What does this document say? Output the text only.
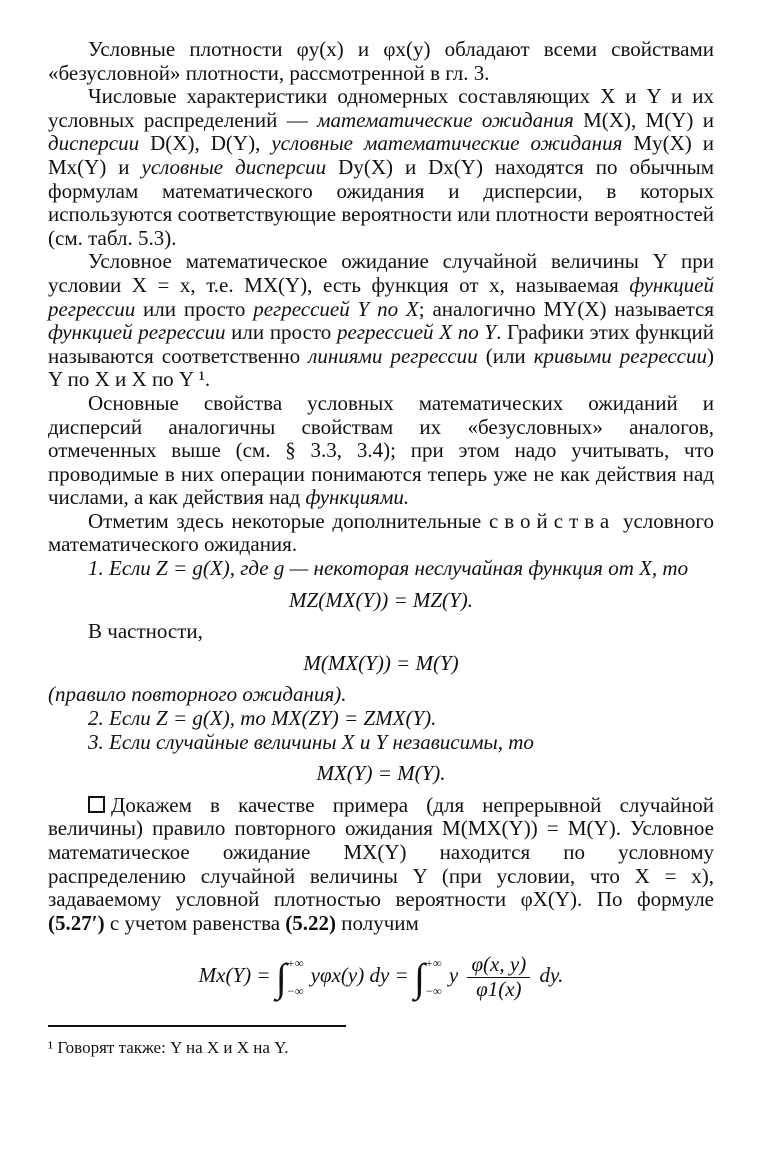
Условные плотности φy(x) и φx(y) обладают всеми свойствами «безусловной» плотности, рассмотренной в гл. 3.

Числовые характеристики одномерных составляющих X и Y и их условных распределений — математические ожидания M(X), M(Y) и дисперсии D(X), D(Y), условные математические ожидания My(X) и Mx(Y) и условные дисперсии Dy(X) и Dx(Y) находятся по обычным формулам математического ожидания и дисперсии, в которых используются соответствующие вероятности или плотности вероятностей (см. табл. 5.3).

Условное математическое ожидание случайной величины Y при условии X = x, т.е. MX(Y), есть функция от x, называемая функцией регрессии или просто регрессией Y по X; аналогично MY(X) называется функцией регрессии или просто регрессией X по Y. Графики этих функций называются соответственно линиями регрессии (или кривыми регрессии) Y по X и X по Y ¹.

Основные свойства условных математических ожиданий и дисперсий аналогичны свойствам их «безусловных» аналогов, отмеченных выше (см. § 3.3, 3.4); при этом надо учитывать, что проводимые в них операции понимаются теперь уже не как действия над числами, а как действия над функциями.

Отметим здесь некоторые дополнительные свойства условного математического ожидания.

1. Если Z = g(X), где g — некоторая неслучайная функция от X, то

MZ(MX(Y)) = MZ(Y).

В частности,

M(MX(Y)) = M(Y)

(правило повторного ожидания).

2. Если Z = g(X), то MX(ZY) = ZMX(Y).

3. Если случайные величины X и Y независимы, то

MX(Y) = M(Y).

Докажем в качестве примера (для непрерывной случайной величины) правило повторного ожидания M(MX(Y)) = M(Y). Условное математическое ожидание MX(Y) находится по условному распределению случайной величины Y (при условии, что X = x), задаваемому условной плотностью вероятности φX(Y). По формуле (5.27′) с учетом равенства (5.22) получим

Mx(Y) = ∫ +∞
−∞
yφx(y) dy = ∫ +∞
−∞
y $\frac{\varphi(x, y)}{\varphi 1(x)}$ dy.
¹ Говорят также: Y на X и X на Y.
